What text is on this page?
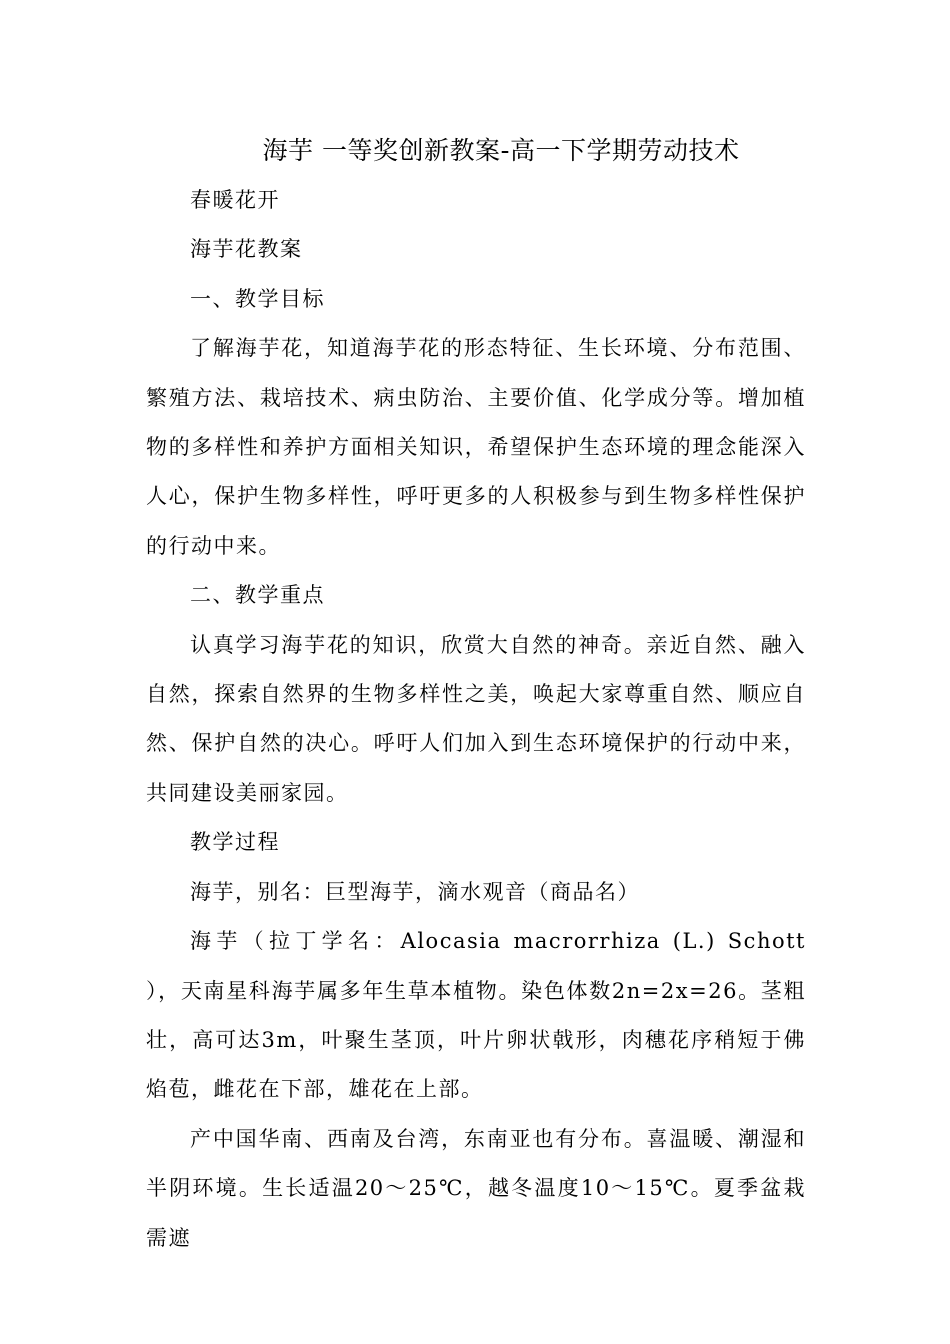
海芋 一等奖创新教案-高一下学期劳动技术

春暖花开

海芋花教案

一、教学目标

了解海芋花，知道海芋花的形态特征、生长环境、分布范围、繁殖方法、栽培技术、病虫防治、主要价值、化学成分等。增加植物的多样性和养护方面相关知识，希望保护生态环境的理念能深入人心，保护生物多样性，呼吁更多的人积极参与到生物多样性保护的行动中来。

二、教学重点

认真学习海芋花的知识，欣赏大自然的神奇。亲近自然、融入自然，探索自然界的生物多样性之美，唤起大家尊重自然、顺应自然、保护自然的决心。呼吁人们加入到生态环境保护的行动中来，共同建设美丽家园。

教学过程

海芋，别名：巨型海芋，滴水观音（商品名）

海芋（拉丁学名：Alocasia macrorrhiza (L.) Schott ），天南星科海芋属多年生草本植物。染色体数2n=2x=26。茎粗壮，高可达3m，叶聚生茎顶，叶片卵状戟形，肉穗花序稍短于佛焰苞，雌花在下部，雄花在上部。

产中国华南、西南及台湾，东南亚也有分布。喜温暖、潮湿和半阴环境。生长适温20～25℃，越冬温度10～15℃。夏季盆栽需遮
